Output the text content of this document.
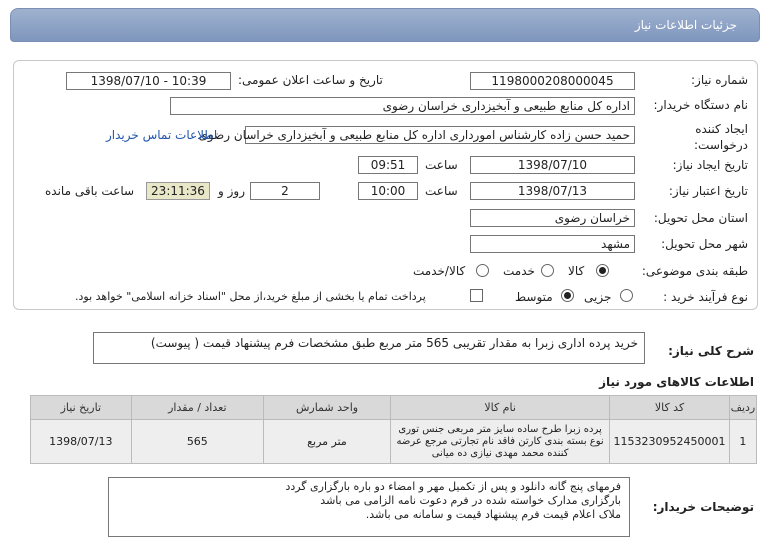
جزئیات اطلاعات نیاز
شماره نیاز:
1198000208000045
تاریخ و ساعت اعلان عمومی:
1398/07/10 - 10:39
نام دستگاه خریدار:
اداره کل منابع طبیعی و آبخیزداری خراسان رضوی
ایجاد کننده
درخواست:
حمید حسن زاده کارشناس امورداری اداره کل منابع طبیعی و آبخیزداری خراسان رضوی
اطلاعات تماس خریدار
تاریخ ایجاد نیاز:
1398/07/10
ساعت
09:51
تاریخ اعتبار نیاز:
1398/07/13
ساعت
10:00
2
روز و
23:11:36
ساعت باقی مانده
استان محل تحویل:
خراسان رضوی
شهر محل تحویل:
مشهد
طبقه بندی موضوعی:
کالا
خدمت
کالا/خدمت
نوع فرآیند خرید :
جزیی
متوسط
پرداخت تمام یا بخشی از مبلغ خرید،از محل "اسناد خزانه اسلامی" خواهد بود.
شرح کلی نیاز:
خرید پرده اداری زبرا به مقدار تقریبی 565 متر مربع طبق مشخصات فرم پیشنهاد قیمت ( پیوست)
اطلاعات کالاهای مورد نیاز
ردیف	کد کالا	نام کالا	واحد شمارش	تعداد / مقدار	تاریخ نیاز
1	1153230952450001	پرده زبرا طرح ساده سایز متر مربعی جنس توری نوع بسته بندی کارتن فاقد نام تجارتی مرجع عرضه کننده محمد مهدی نیازی ده میانی	متر مربع	565	1398/07/13
توضیحات خریدار:
فرمهای پنج گانه دانلود و پس از تکمیل مهر و امضاء دو باره بارگزاری گردد
بارگزاری مدارک خواسته شده در فرم دعوت نامه الزامی می باشد
ملاک اعلام قیمت فرم پیشنهاد قیمت و سامانه می باشد.
